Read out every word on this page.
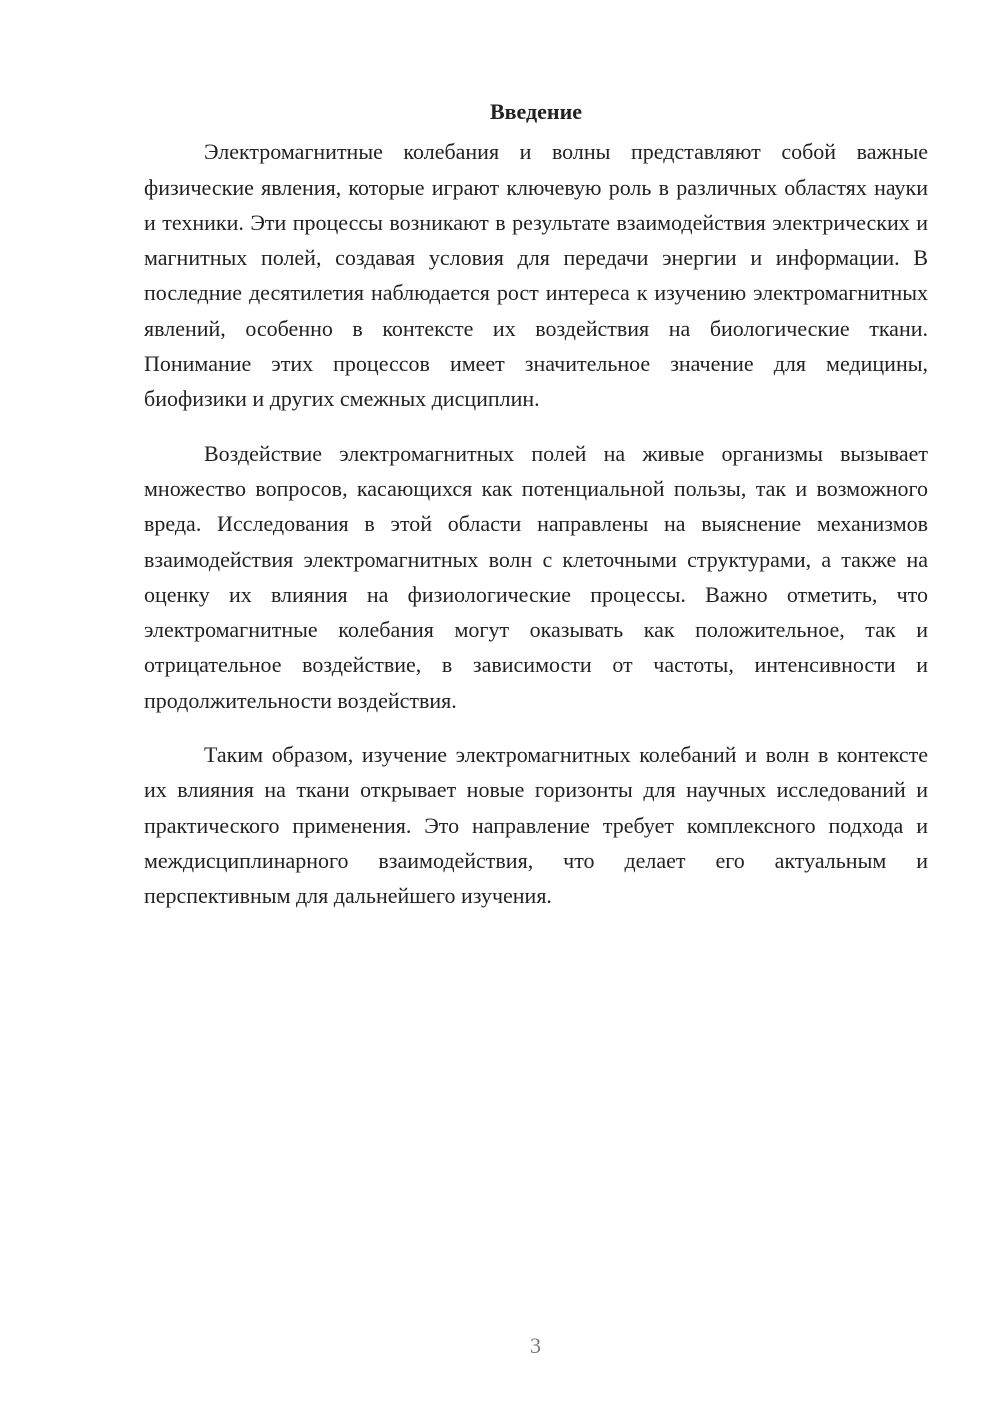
Введение

Электромагнитные колебания и волны представляют собой важные физические явления, которые играют ключевую роль в различных областях науки и техники. Эти процессы возникают в результате взаимодействия электрических и магнитных полей, создавая условия для передачи энергии и информации. В последние десятилетия наблюдается рост интереса к изучению электромагнитных явлений, особенно в контексте их воздействия на биологические ткани. Понимание этих процессов имеет значительное значение для медицины, биофизики и других смежных дисциплин.

Воздействие электромагнитных полей на живые организмы вызывает множество вопросов, касающихся как потенциальной пользы, так и возможного вреда. Исследования в этой области направлены на выяснение механизмов взаимодействия электромагнитных волн с клеточными структурами, а также на оценку их влияния на физиологические процессы. Важно отметить, что электромагнитные колебания могут оказывать как положительное, так и отрицательное воздействие, в зависимости от частоты, интенсивности и продолжительности воздействия.

Таким образом, изучение электромагнитных колебаний и волн в контексте их влияния на ткани открывает новые горизонты для научных исследований и практического применения. Это направление требует комплексного подхода и междисциплинарного взаимодействия, что делает его актуальным и перспективным для дальнейшего изучения.

3
